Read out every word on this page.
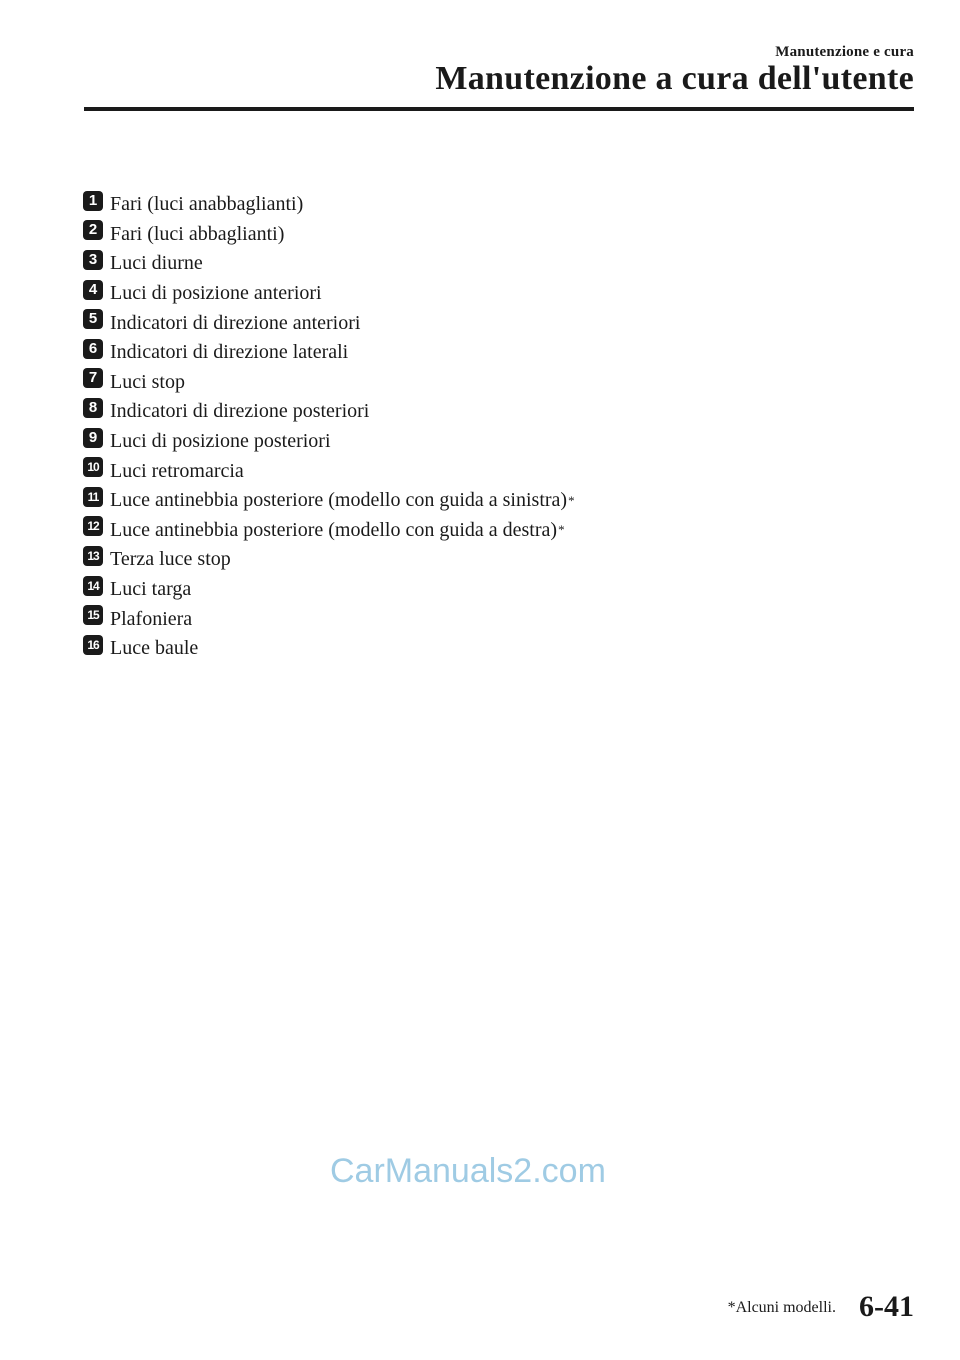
Manutenzione e cura
Manutenzione a cura dell'utente
1 Fari (luci anabbaglianti)
2 Fari (luci abbaglianti)
3 Luci diurne
4 Luci di posizione anteriori
5 Indicatori di direzione anteriori
6 Indicatori di direzione laterali
7 Luci stop
8 Indicatori di direzione posteriori
9 Luci di posizione posteriori
10 Luci retromarcia
11 Luce antinebbia posteriore (modello con guida a sinistra) *
12 Luce antinebbia posteriore (modello con guida a destra) *
13 Terza luce stop
14 Luci targa
15 Plafoniera
16 Luce baule
CarManuals2.com
*Alcuni modelli. 6-41
